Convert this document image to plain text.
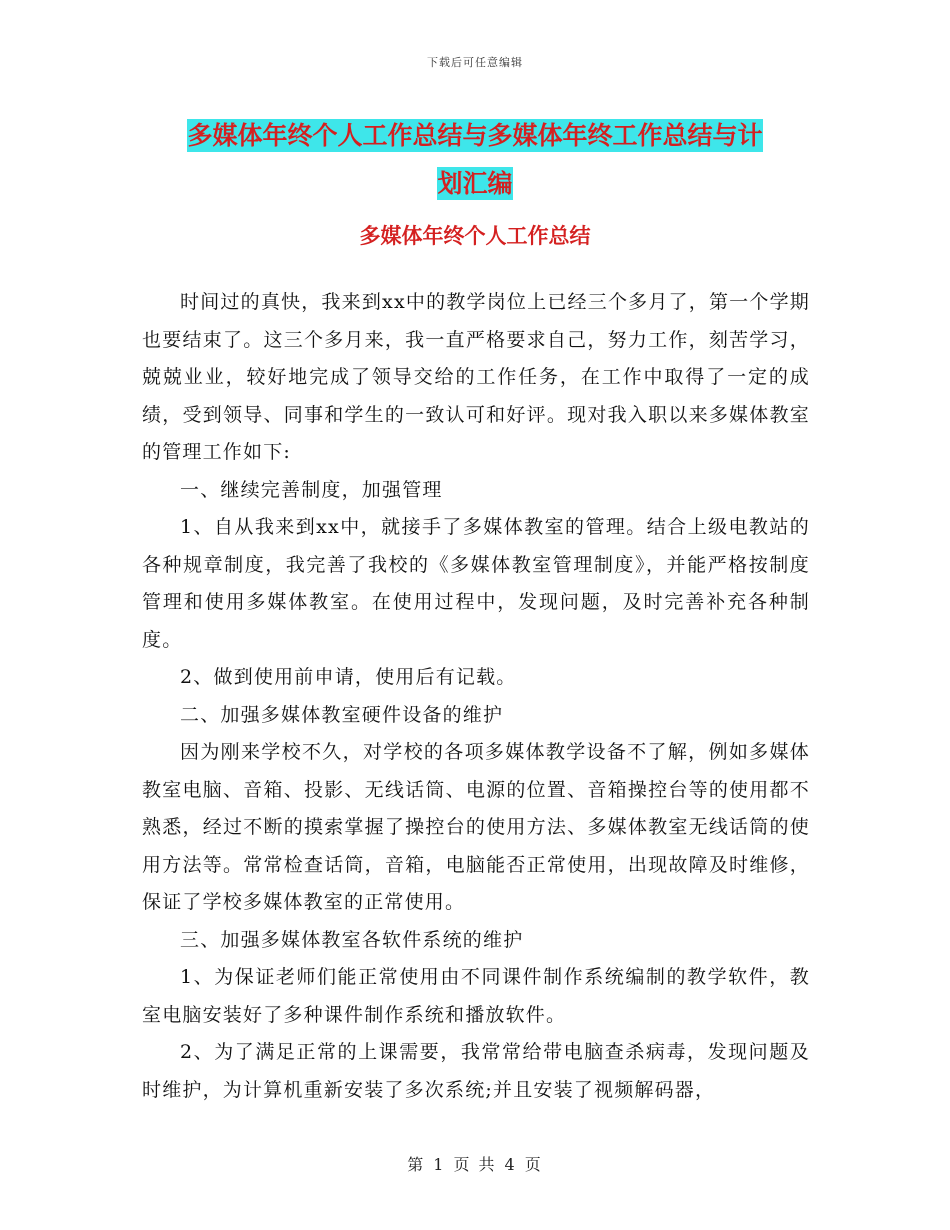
下载后可任意编辑
多媒体年终个人工作总结与多媒体年终工作总结与计
划汇编
多媒体年终个人工作总结

时间过的真快，我来到xx中的教学岗位上已经三个多月了，第一个学期也要结束了。这三个多月来，我一直严格要求自己，努力工作，刻苦学习，兢兢业业，较好地完成了领导交给的工作任务，在工作中取得了一定的成绩，受到领导、同事和学生的一致认可和好评。现对我入职以来多媒体教室的管理工作如下:

一、继续完善制度，加强管理

1、自从我来到xx中，就接手了多媒体教室的管理。结合上级电教站的各种规章制度，我完善了我校的《多媒体教室管理制度》，并能严格按制度管理和使用多媒体教室。在使用过程中，发现问题，及时完善补充各种制度。

2、做到使用前申请，使用后有记载。

二、加强多媒体教室硬件设备的维护

因为刚来学校不久，对学校的各项多媒体教学设备不了解，例如多媒体教室电脑、音箱、投影、无线话筒、电源的位置、音箱操控台等的使用都不熟悉，经过不断的摸索掌握了操控台的使用方法、多媒体教室无线话筒的使用方法等。常常检查话筒，音箱，电脑能否正常使用，出现故障及时维修，保证了学校多媒体教室的正常使用。

三、加强多媒体教室各软件系统的维护

1、为保证老师们能正常使用由不同课件制作系统编制的教学软件，教室电脑安装好了多种课件制作系统和播放软件。

2、为了满足正常的上课需要，我常常给带电脑查杀病毒，发现问题及时维护，为计算机重新安装了多次系统;并且安装了视频解码器，

第 1 页 共 4 页
